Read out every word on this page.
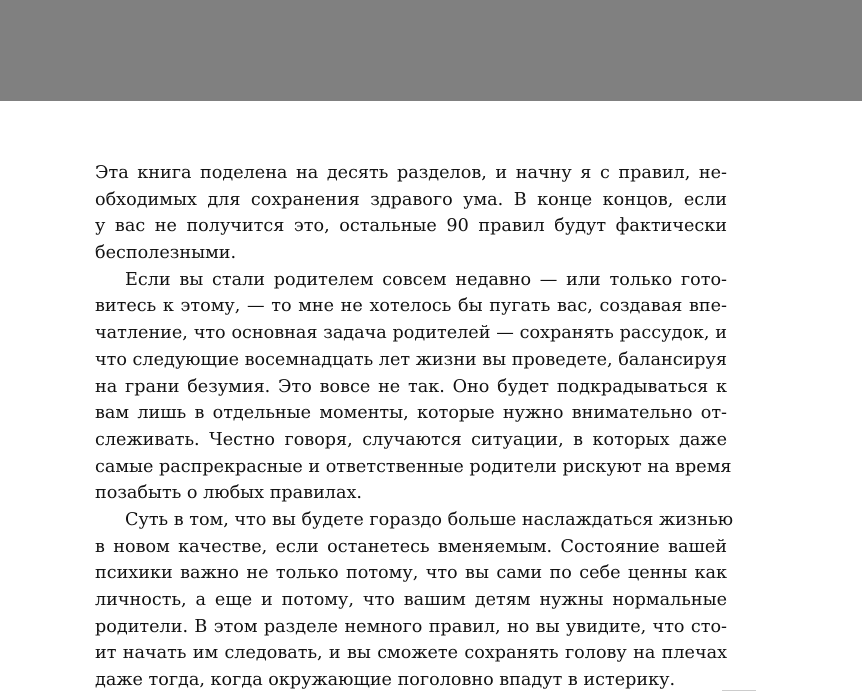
Эта книга поделена на десять разделов, и начну я с правил, не-
обходимых для сохранения здравого ума. В конце концов, если
у вас не получится это, остальные 90 правил будут фактически
бесполезными.
Если вы стали родителем совсем недавно — или только гото-
витесь к этому, — то мне не хотелось бы пугать вас, создавая впе-
чатление, что основная задача родителей — сохранять рассудок, и
что следующие восемнадцать лет жизни вы проведете, балансируя
на грани безумия. Это вовсе не так. Оно будет подкрадываться к
вам лишь в отдельные моменты, которые нужно внимательно от-
слеживать. Честно говоря, случаются ситуации, в которых даже
самые распрекрасные и ответственные родители рискуют на время
позабыть о любых правилах.
Суть в том, что вы будете гораздо больше наслаждаться жизнью
в новом качестве, если останетесь вменяемым. Состояние вашей
психики важно не только потому, что вы сами по себе ценны как
личность, а еще и потому, что вашим детям нужны нормальные
родители. В этом разделе немного правил, но вы увидите, что сто-
ит начать им следовать, и вы сможете сохранять голову на плечах
даже тогда, когда окружающие поголовно впадут в истерику.
